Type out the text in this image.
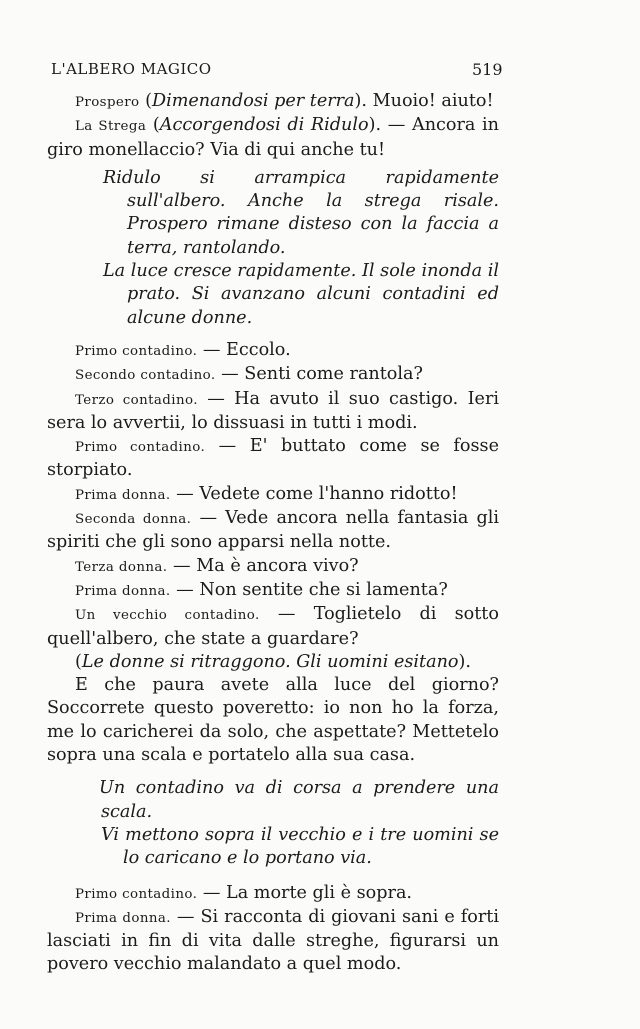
L'ALBERO MAGICO	519

Prospero (Dimenandosi per terra). Muoio! aiuto!

La Strega (Accorgendosi di Ridulo). — Ancora in giro monellaccio? Via di qui anche tu!

Ridulo si arrampica rapidamente sull'albero. Anche la strega risale. Prospero rimane disteso con la faccia a terra, rantolando.

La luce cresce rapidamente. Il sole inonda il prato. Si avanzano alcuni contadini ed alcune donne.

Primo contadino. — Eccolo.

Secondo contadino. — Senti come rantola?

Terzo contadino. — Ha avuto il suo castigo. Ieri sera lo avvertii, lo dissuasi in tutti i modi.

Primo contadino. — E' buttato come se fosse storpiato.

Prima donna. — Vedete come l'hanno ridotto!

Seconda donna. — Vede ancora nella fantasia gli spiriti che gli sono apparsi nella notte.

Terza donna. — Ma è ancora vivo?

Prima donna. — Non sentite che si lamenta?

Un vecchio contadino. — Toglietelo di sotto quell'albero, che state a guardare?

(Le donne si ritraggono. Gli uomini esitano).

E che paura avete alla luce del giorno? Soccorrete questo poveretto: io non ho la forza, me lo caricherei da solo, che aspettate? Mettetelo sopra una scala e portatelo alla sua casa.

Un contadino va di corsa a prendere una scala.

Vi mettono sopra il vecchio e i tre uomini se lo caricano e lo portano via.

Primo contadino. — La morte gli è sopra.

Prima donna. — Si racconta di giovani sani e forti lasciati in fin di vita dalle streghe, figurarsi un povero vecchio malandato a quel modo.
